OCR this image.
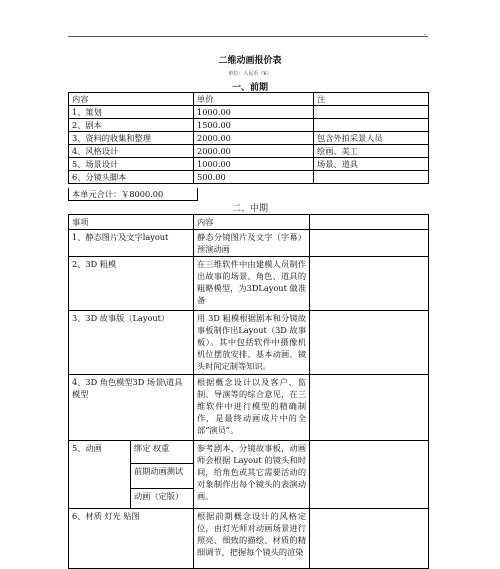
-
二维动画报价表
单位：人民币（¥）
一、前期
内容	单价	注
1、策划	1000.00	
2、剧本	1500.00	
3、资料的收集和整理	2000.00	包含外拍采景人员
4、风格设计	2000.00	绘画、美工
5、场景设计	1000.00	场景、道具
6、分镜头脚本	500.00	
本单元合计：￥8000.00
二、中期
事项		内容	
1、静态图片及文字layout		静态分镜图片及文字（字幕）预演动画	
2、3D 粗模		在三维软件中由建模人员制作出故事的场景、角色、道具的粗略模型，为3DLayout 做准备	
3、3D 故事版（Layout）		用 3D 粗模根据剧本和分镜故事板制作出Layout（3D 故事板）。其中包括软件中摄像机机位摆放安排、基本动画、镜头时间定制等知识。	
4、3D 角色模型3D 场景\道具模型		根据概念设计以及客户、监制、导演等的综合意见，在三维软件中进行模型的精确制作，是最终动画成片中的全部“演员”。	
5、动画	绑定 权重	参考剧本、分镜故事板，动画师会根据 Layout 的镜头和时间，给角色或其它需要活动的对象制作出每个镜头的表演动画。	
	前期动画测试		
	动画（定版）		
6、材质 灯光 贴图		根据前期概念设计的风格定位，由灯光师对动画场景进行照亮、细致的描绘、材质的精细调节，把握每个镜头的渲染	
